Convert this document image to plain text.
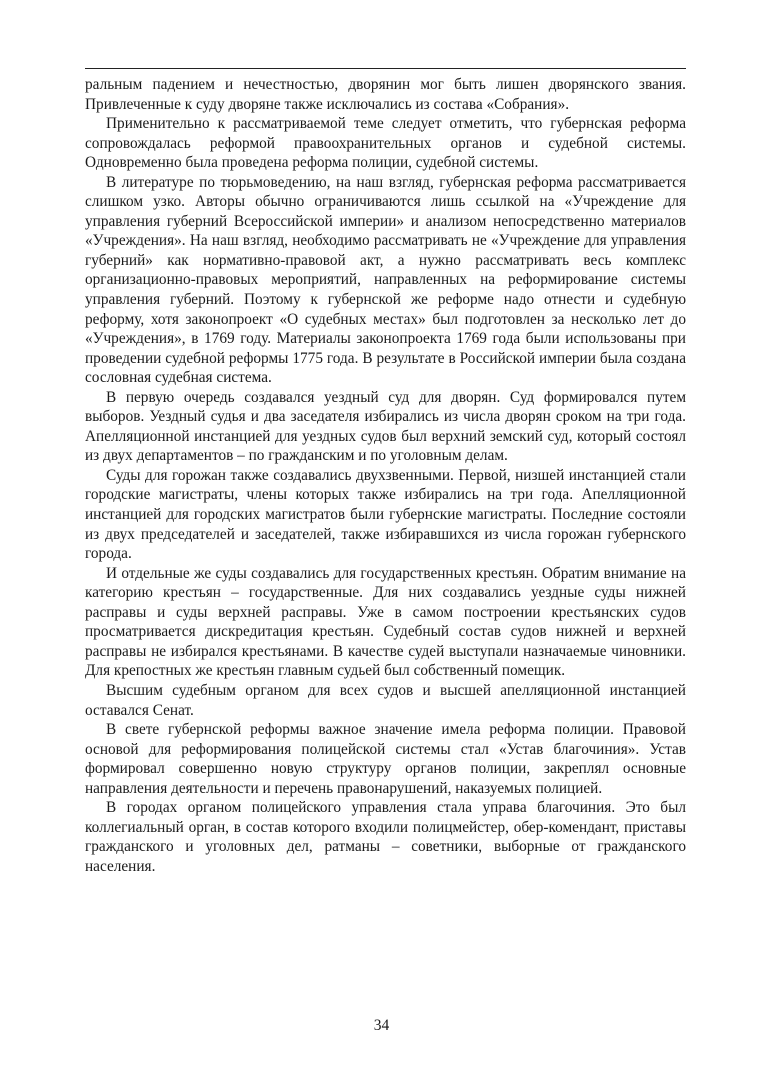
ральным падением и нечестностью, дворянин мог быть лишен дворянского звания. Привлеченные к суду дворяне также исключались из состава «Собрания».

Применительно к рассматриваемой теме следует отметить, что губернская реформа сопровождалась реформой правоохранительных органов и судебной системы. Одновременно была проведена реформа полиции, судебной системы.

В литературе по тюрьмоведению, на наш взгляд, губернская реформа рассматривается слишком узко. Авторы обычно ограничиваются лишь ссылкой на «Учреждение для управления губерний Всероссийской империи» и анализом непосредственно материалов «Учреждения». На наш взгляд, необходимо рассматривать не «Учреждение для управления губерний» как нормативно-правовой акт, а нужно рассматривать весь комплекс организационно-правовых мероприятий, направленных на реформирование системы управления губерний. Поэтому к губернской же реформе надо отнести и судебную реформу, хотя законопроект «О судебных местах» был подготовлен за несколько лет до «Учреждения», в 1769 году. Материалы законопроекта 1769 года были использованы при проведении судебной реформы 1775 года. В результате в Российской империи была создана сословная судебная система.

В первую очередь создавался уездный суд для дворян. Суд формировался путем выборов. Уездный судья и два заседателя избирались из числа дворян сроком на три года. Апелляционной инстанцией для уездных судов был верхний земский суд, который состоял из двух департаментов – по гражданским и по уголовным делам.

Суды для горожан также создавались двухзвенными. Первой, низшей инстанцией стали городские магистраты, члены которых также избирались на три года. Апелляционной инстанцией для городских магистратов были губернские магистраты. Последние состояли из двух председателей и заседателей, также избиравшихся из числа горожан губернского города.

И отдельные же суды создавались для государственных крестьян. Обратим внимание на категорию крестьян – государственные. Для них создавались уездные суды нижней расправы и суды верхней расправы. Уже в самом построении крестьянских судов просматривается дискредитация крестьян. Судебный состав судов нижней и верхней расправы не избирался крестьянами. В качестве судей выступали назначаемые чиновники. Для крепостных же крестьян главным судьей был собственный помещик.

Высшим судебным органом для всех судов и высшей апелляционной инстанцией оставался Сенат.

В свете губернской реформы важное значение имела реформа полиции. Правовой основой для реформирования полицейской системы стал «Устав благочиния». Устав формировал совершенно новую структуру органов полиции, закреплял основные направления деятельности и перечень правонарушений, наказуемых полицией.

В городах органом полицейского управления стала управа благочиния. Это был коллегиальный орган, в состав которого входили полицмейстер, обер-комендант, приставы гражданского и уголовных дел, ратманы – советники, выборные от гражданского населения.

34
